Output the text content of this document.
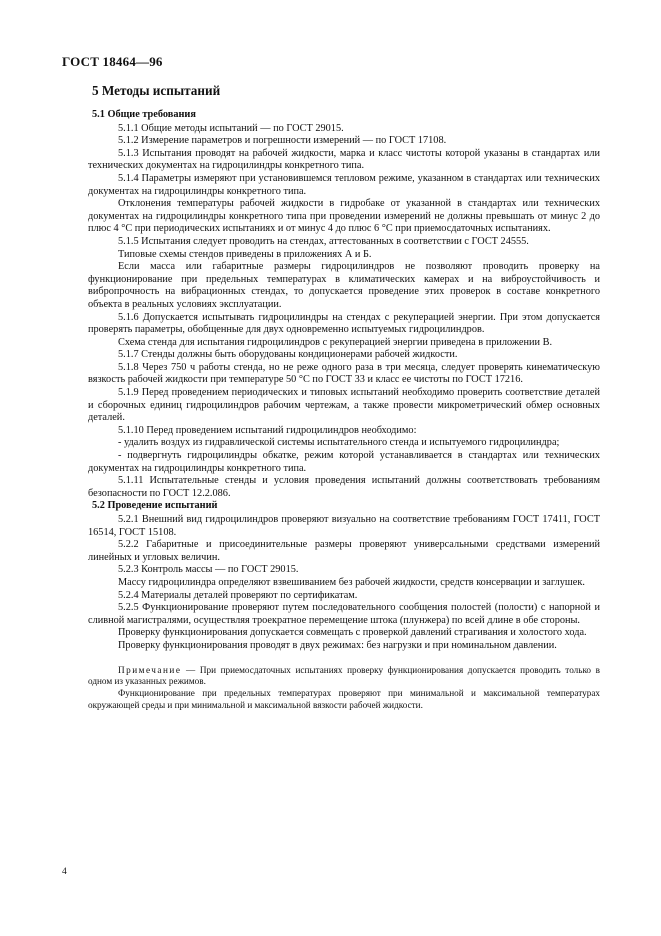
ГОСТ 18464—96
5 Методы испытаний
5.1 Общие требования

5.1.1 Общие методы испытаний — по ГОСТ 29015.

5.1.2 Измерение параметров и погрешности измерений — по ГОСТ 17108.

5.1.3 Испытания проводят на рабочей жидкости, марка и класс чистоты которой указаны в стандартах или технических документах на гидроцилиндры конкретного типа.

5.1.4 Параметры измеряют при установившемся тепловом режиме, указанном в стандартах или технических документах на гидроцилиндры конкретного типа.

Отклонения температуры рабочей жидкости в гидробаке от указанной в стандартах или технических документах на гидроцилиндры конкретного типа при проведении измерений не должны превышать от минус 2 до плюс 4 °С при периодических испытаниях и от минус 4 до плюс 6 °С при приемосдаточных испытаниях.

5.1.5 Испытания следует проводить на стендах, аттестованных в соответствии с ГОСТ 24555.

Типовые схемы стендов приведены в приложениях А и Б.

Если масса или габаритные размеры гидроцилиндров не позволяют проводить проверку на функционирование при предельных температурах в климатических камерах и на виброустойчивость и вибропрочность на вибрационных стендах, то допускается проведение этих проверок в составе конкретного объекта в реальных условиях эксплуатации.

5.1.6 Допускается испытывать гидроцилиндры на стендах с рекуперацией энергии. При этом допускается проверять параметры, обобщенные для двух одновременно испытуемых гидроцилиндров.

Схема стенда для испытания гидроцилиндров с рекуперацией энергии приведена в приложении В.

5.1.7 Стенды должны быть оборудованы кондиционерами рабочей жидкости.

5.1.8 Через 750 ч работы стенда, но не реже одного раза в три месяца, следует проверять кинематическую вязкость рабочей жидкости при температуре 50 °С по ГОСТ 33 и класс ее чистоты по ГОСТ 17216.

5.1.9 Перед проведением периодических и типовых испытаний необходимо проверить соответствие деталей и сборочных единиц гидроцилиндров рабочим чертежам, а также провести микрометрический обмер основных деталей.

5.1.10 Перед проведением испытаний гидроцилиндров необходимо:

- удалить воздух из гидравлической системы испытательного стенда и испытуемого гидроцилиндра;

- подвергнуть гидроцилиндры обкатке, режим которой устанавливается в стандартах или технических документах на гидроцилиндры конкретного типа.

5.1.11 Испытательные стенды и условия проведения испытаний должны соответствовать требованиям безопасности по ГОСТ 12.2.086.

5.2 Проведение испытаний

5.2.1 Внешний вид гидроцилиндров проверяют визуально на соответствие требованиям ГОСТ 17411, ГОСТ 16514, ГОСТ 15108.

5.2.2 Габаритные и присоединительные размеры проверяют универсальными средствами измерений линейных и угловых величин.

5.2.3 Контроль массы — по ГОСТ 29015.

Массу гидроцилиндра определяют взвешиванием без рабочей жидкости, средств консервации и заглушек.

5.2.4 Материалы деталей проверяют по сертификатам.

5.2.5 Функционирование проверяют путем последовательного сообщения полостей (полости) с напорной и сливной магистралями, осуществляя троекратное перемещение штока (плунжера) по всей длине в обе стороны.

Проверку функционирования допускается совмещать с проверкой давлений страгивания и холостого хода.

Проверку функционирования проводят в двух режимах: без нагрузки и при номинальном давлении.

Примечание — При приемосдаточных испытаниях проверку функционирования допускается проводить только в одном из указанных режимов.

Функционирование при предельных температурах проверяют при минимальной и максимальной температурах окружающей среды и при минимальной и максимальной вязкости рабочей жидкости.

4
